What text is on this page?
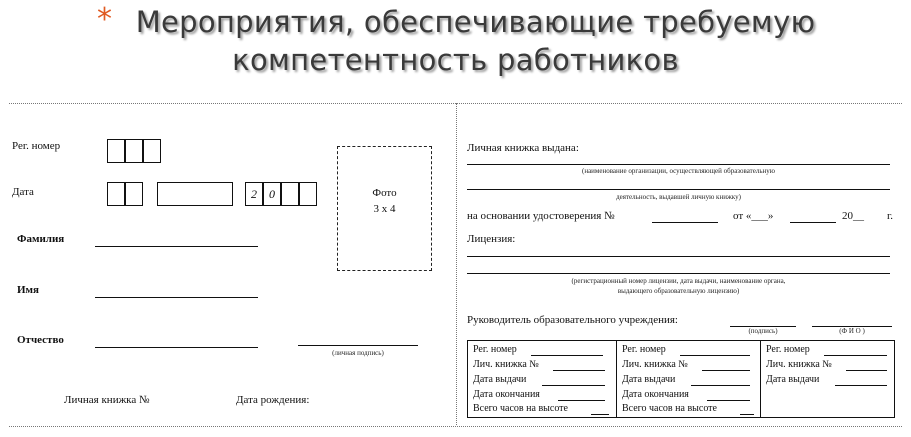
* Мероприятия, обеспечивающие требуемую
компетентность работников
Рег. номер
Дата	2	0	Фото
3 х 4
Фамилия
Имя
Отчество
(личная подпись)
Личная книжка №	Дата рождения:
Личная книжка выдана:
(наименование организации, осуществляющей образовательную
деятельность, выдавшей личную книжку)
на основании удостоверения №	от «___»	20__ г.
Лицензия:
(регистрационный номер лицензии, дата выдачи, наименование органа,
выдающего образовательную лицензию)
Руководитель образовательного учреждения:
(подпись)	(Ф И О )
Рег. номер
Лич. книжка №
Дата выдачи
Дата окончания
Всего часов на высоте
Рег. номер
Лич. книжка №
Дата выдачи
Дата окончания
Всего часов на высоте
Рег. номер
Лич. книжка №
Дата выдачи
